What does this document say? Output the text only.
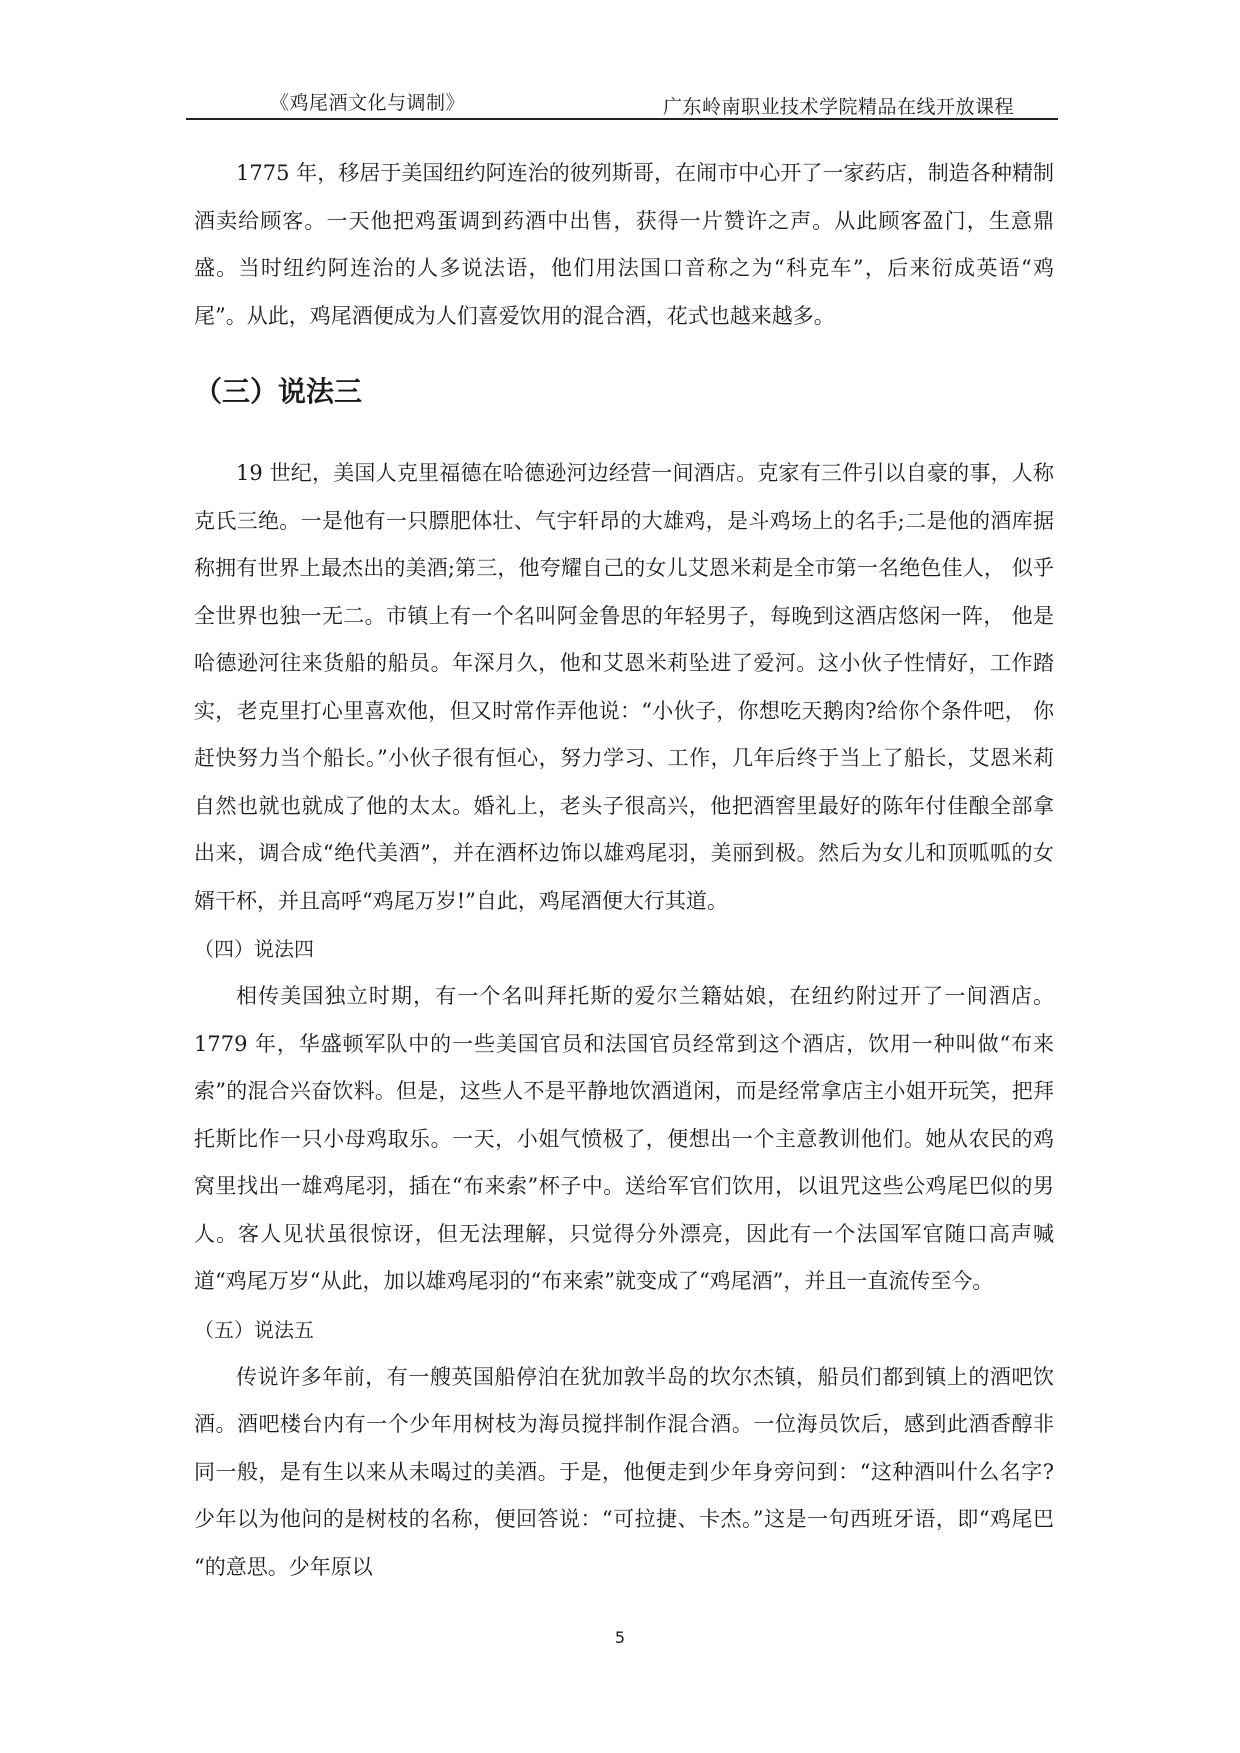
《鸡尾酒文化与调制》	广东岭南职业技术学院精品在线开放课程

1775 年，移居于美国纽约阿连治的彼列斯哥，在闹市中心开了一家药店，制造各种精制酒卖给顾客。一天他把鸡蛋调到药酒中出售，获得一片赞许之声。从此顾客盈门，生意鼎盛。当时纽约阿连治的人多说法语，他们用法国口音称之为“科克车”，后来衍成英语“鸡尾”。从此，鸡尾酒便成为人们喜爱饮用的混合酒，花式也越来越多。

（三）说法三

19 世纪，美国人克里福德在哈德逊河边经营一间酒店。克家有三件引以自豪的事，人称克氏三绝。一是他有一只膘肥体壮、气宇轩昂的大雄鸡，是斗鸡场上的名手;二是他的酒库据称拥有世界上最杰出的美酒;第三，他夸耀自己的女儿艾恩米莉是全市第一名绝色佳人， 似乎全世界也独一无二。市镇上有一个名叫阿金鲁思的年轻男子，每晚到这酒店悠闲一阵， 他是哈德逊河往来货船的船员。年深月久，他和艾恩米莉坠进了爱河。这小伙子性情好，工作踏实，老克里打心里喜欢他，但又时常作弄他说：“小伙子，你想吃天鹅肉?给你个条件吧， 你赶快努力当个船长。”小伙子很有恒心，努力学习、工作，几年后终于当上了船长，艾恩米莉自然也就也就成了他的太太。婚礼上，老头子很高兴，他把酒窖里最好的陈年付佳酿全部拿出来，调合成“绝代美酒”，并在酒杯边饰以雄鸡尾羽，美丽到极。然后为女儿和顶呱呱的女婿干杯，并且高呼“鸡尾万岁!”自此，鸡尾酒便大行其道。

（四）说法四

相传美国独立时期，有一个名叫拜托斯的爱尔兰籍姑娘，在纽约附过开了一间酒店。1779 年，华盛顿军队中的一些美国官员和法国官员经常到这个酒店，饮用一种叫做“布来索”的混合兴奋饮料。但是，这些人不是平静地饮酒逍闲，而是经常拿店主小姐开玩笑，把拜托斯比作一只小母鸡取乐。一天，小姐气愤极了，便想出一个主意教训他们。她从农民的鸡窝里找出一雄鸡尾羽，插在“布来索”杯子中。送给军官们饮用，以诅咒这些公鸡尾巴似的男人。客人见状虽很惊讶，但无法理解，只觉得分外漂亮，因此有一个法国军官随口高声喊道“鸡尾万岁“从此，加以雄鸡尾羽的“布来索”就变成了“鸡尾酒”，并且一直流传至今。

（五）说法五

传说许多年前，有一艘英国船停泊在犹加敦半岛的坎尔杰镇，船员们都到镇上的酒吧饮酒。酒吧楼台内有一个少年用树枝为海员搅拌制作混合酒。一位海员饮后，感到此酒香醇非同一般，是有生以来从未喝过的美酒。于是，他便走到少年身旁问到：“这种酒叫什么名字? 少年以为他问的是树枝的名称，便回答说：“可拉捷、卡杰。”这是一句西班牙语，即“鸡尾巴 “的意思。少年原以

5
